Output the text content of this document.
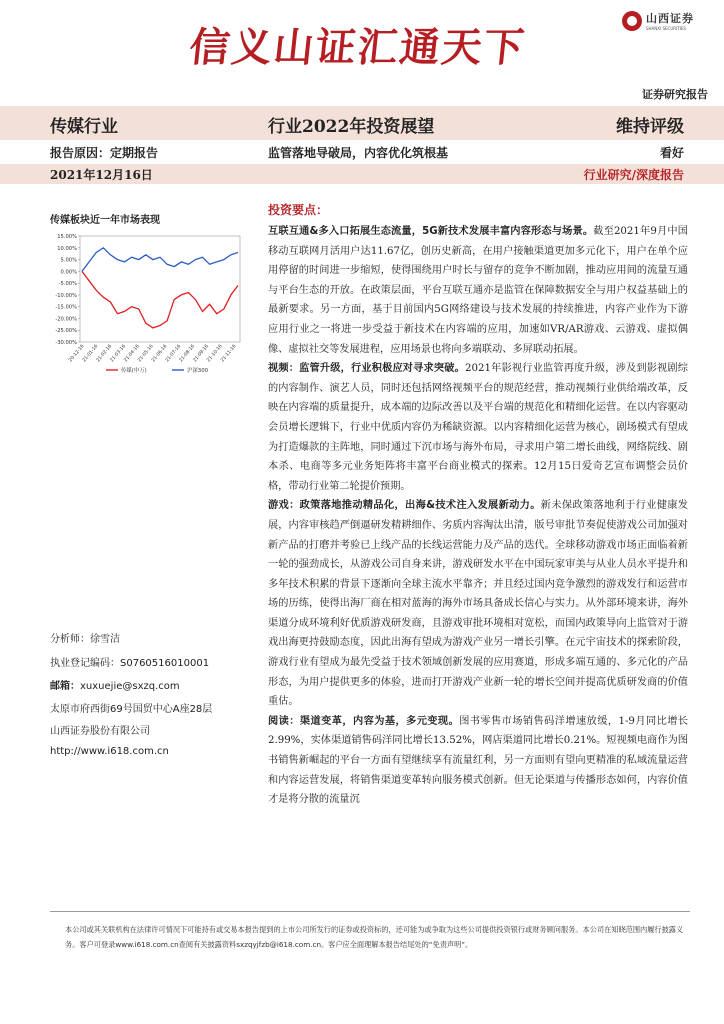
信义山证汇通天下
山西证券
SHANXI SECURITIES
证券研究报告
传媒行业	行业2022年投资展望	维持评级
报告原因：定期报告	监管落地导破局，内容优化筑根基	看好
2021年12月16日	行业研究/深度报告
传媒板块近一年市场表现
15.00%
10.00%
5.00%
0.00%
-5.00%
-10.00%
-15.00%
-20.00%
-25.00%
-30.00%
20-12-16
21-01-16
21-02-16
21-03-16
21-04-16
21-05-16
21-06-16
21-07-16
21-08-16
21-09-16
21-10-16
21-11-16
传媒(申万)	沪深300
分析师：徐雪洁
执业登记编码：S0760516010001
邮箱：xuxuejie@sxzq.com
太原市府西街69号国贸中心A座28层
山西证券股份有限公司
http://www.i618.com.cn
投资要点：

互联互通&多入口拓展生态流量，5G新技术发展丰富内容形态与场景。截至2021年9月中国移动互联网月活用户达11.67亿，创历史新高，在用户接触渠道更加多元化下，用户在单个应用停留的时间进一步缩短，使得围绕用户时长与留存的竞争不断加剧，推动应用间的流量互通与平台生态的开放。在政策层面，平台互联互通亦是监管在保障数据安全与用户权益基础上的最新要求。另一方面，基于目前国内5G网络建设与技术发展的持续推进，内容产业作为下游应用行业之一将进一步受益于新技术在内容端的应用，加速如VR/AR游戏、云游戏、虚拟偶像、虚拟社交等发展进程，应用场景也将向多端联动、多屏联动拓展。

视频：监管升级，行业积极应对寻求突破。2021年影视行业监管再度升级，涉及到影视剧综的内容制作、演艺人员，同时还包括网络视频平台的规范经营，推动视频行业供给端改革，反映在内容端的质量提升，成本端的边际改善以及平台端的规范化和精细化运营。在以内容驱动会员增长逻辑下，行业中优质内容仍为稀缺资源。以内容精细化运营为核心，剧场模式有望成为打造爆款的主阵地，同时通过下沉市场与海外布局，寻求用户第二增长曲线，网络院线、剧本杀、电商等多元业务矩阵将丰富平台商业模式的探索。12月15日爱奇艺宣布调整会员价格，带动行业第二轮提价预期。

游戏：政策落地推动精品化，出海&技术注入发展新动力。新未保政策落地利于行业健康发展，内容审核趋严倒逼研发精耕细作、劣质内容淘汰出清，版号审批节奏促使游戏公司加强对新产品的打磨并考验已上线产品的长线运营能力及产品的迭代。全球移动游戏市场正面临着新一轮的强劲成长，从游戏公司自身来讲，游戏研发水平在中国玩家审美与从业人员水平提升和多年技术积累的背景下逐渐向全球主流水平靠齐；并且经过国内竞争激烈的游戏发行和运营市场的历练，使得出海厂商在相对蓝海的海外市场具备成长信心与实力。从外部环境来讲，海外渠道分成环境利好优质游戏研发商，且游戏审批环境相对宽松，而国内政策导向上监管对于游戏出海更持鼓励态度，因此出海有望成为游戏产业另一增长引擎。在元宇宙技术的探索阶段，游戏行业有望成为最先受益于技术领域创新发展的应用赛道，形成多端互通的、多元化的产品形态，为用户提供更多的体验，进而打开游戏产业新一轮的增长空间并提高优质研发商的价值重估。

阅读：渠道变革，内容为基，多元变现。图书零售市场销售码洋增速放缓，1-9月同比增长2.99%，实体渠道销售码洋同比增长13.52%，网店渠道同比增长0.21%。短视频电商作为图书销售新崛起的平台一方面有望继续享有流量红利，另一方面则有望向更精准的私域流量运营和内容运营发展，将销售渠道变革转向服务模式创新。但无论渠道与传播形态如何，内容价值才是将分散的流量沉

本公司或其关联机构在法律许可情况下可能持有或交易本报告提到的上市公司所发行的证券或投资标的，还可能为或争取为这些公司提供投资银行或财务顾问服务。本公司在知晓范围内履行披露义务。客户可登录www.i618.com.cn查阅有关披露资料sxzqyjfzb@i618.com.cn。客户应全面理解本报告结尾处的“免责声明”。
